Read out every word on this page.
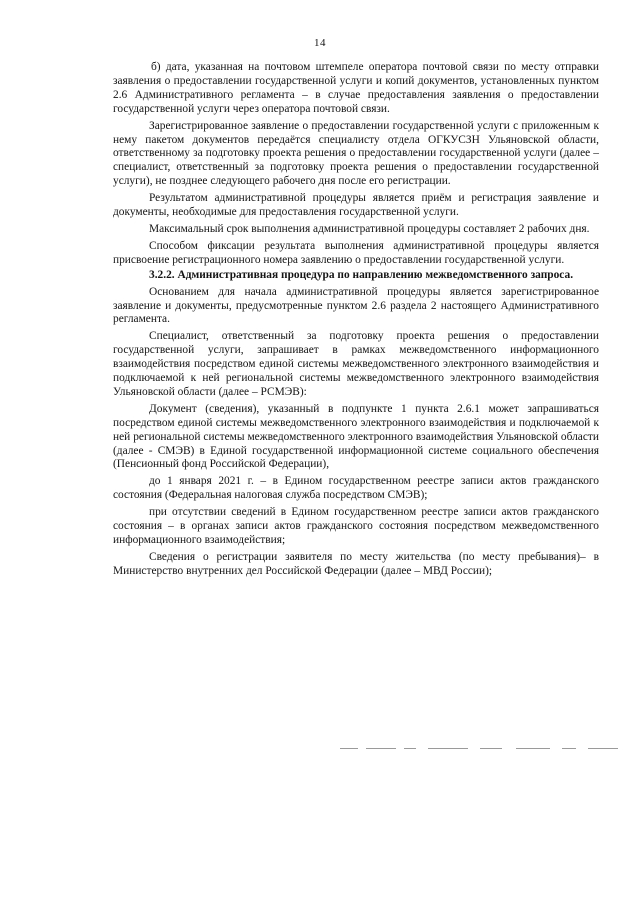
14

б) дата, указанная на почтовом штемпеле оператора почтовой связи по месту отправки заявления о предоставлении государственной услуги и копий документов, установленных пунктом 2.6 Административного регламента – в случае предоставления заявления о предоставлении государственной услуги через оператора почтовой связи.

Зарегистрированное заявление о предоставлении государственной услуги с приложенным к нему пакетом документов передаётся специалисту отдела ОГКУСЗН Ульяновской области, ответственному за подготовку проекта решения о предоставлении государственной услуги (далее – специалист, ответственный за подготовку проекта решения о предоставлении государственной услуги), не позднее следующего рабочего дня после его регистрации.

Результатом административной процедуры является приём и регистрация заявление и документы, необходимые для предоставления государственной услуги.

Максимальный срок выполнения административной процедуры составляет 2 рабочих дня.

Способом фиксации результата выполнения административной процедуры является присвоение регистрационного номера заявлению о предоставлении государственной услуги.

3.2.2. Административная процедура по направлению межведомственного запроса.

Основанием для начала административной процедуры является зарегистрированное заявление и документы, предусмотренные пунктом 2.6 раздела 2 настоящего Административного регламента.

Специалист, ответственный за подготовку проекта решения о предоставлении государственной услуги, запрашивает в рамках межведомственного информационного взаимодействия посредством единой системы межведомственного электронного взаимодействия и подключаемой к ней региональной системы межведомственного электронного взаимодействия Ульяновской области (далее – РСМЭВ):

Документ (сведения), указанный в подпункте 1 пункта 2.6.1 может запрашиваться посредством единой системы межведомственного электронного взаимодействия и подключаемой к ней региональной системы межведомственного электронного взаимодействия Ульяновской области (далее - СМЭВ) в Единой государственной информационной системе социального обеспечения (Пенсионный фонд Российской Федерации),

до 1 января 2021 г. – в Едином государственном реестре записи актов гражданского состояния (Федеральная налоговая служба посредством СМЭВ);

при отсутствии сведений в Едином государственном реестре записи актов гражданского состояния – в органах записи актов гражданского состояния посредством межведомственного информационного взаимодействия;

Сведения о регистрации заявителя по месту жительства (по месту пребывания)– в Министерство внутренних дел Российской Федерации (далее – МВД России);
